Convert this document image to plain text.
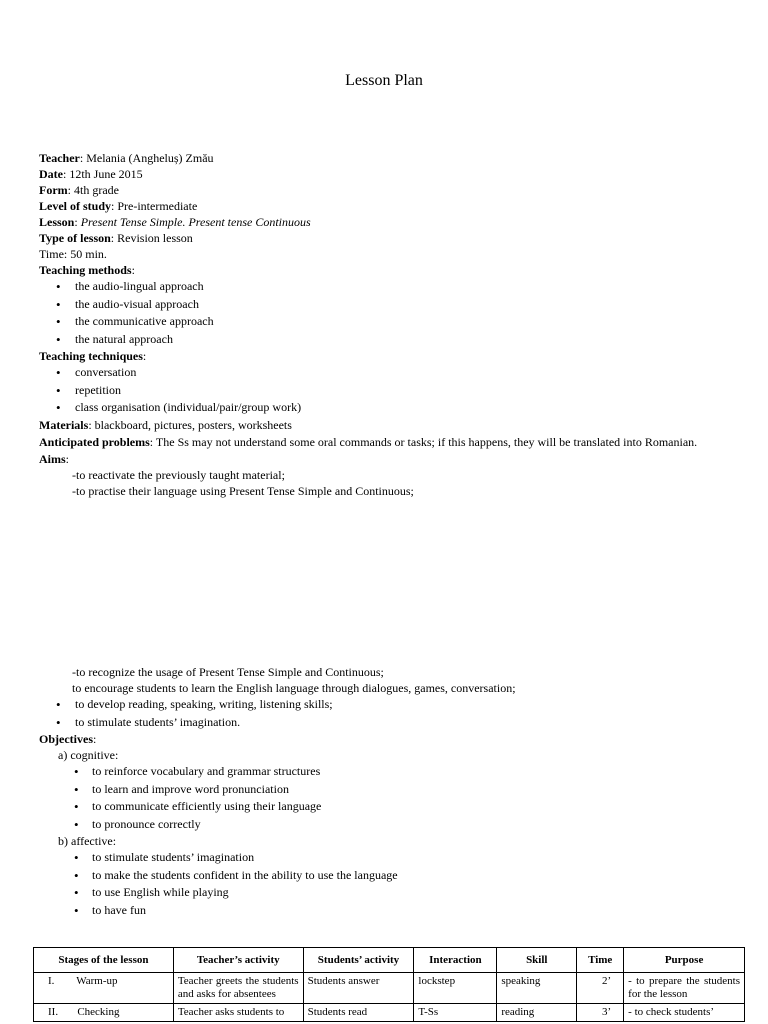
Lesson Plan
Teacher: Melania (Angheluș) Zmău
Date: 12th June 2015
Form: 4th grade
Level of study: Pre-intermediate
Lesson: Present Tense Simple. Present tense Continuous
Type of lesson: Revision lesson
Time: 50 min.
Teaching methods:
• the audio-lingual approach
• the audio-visual approach
• the communicative approach
• the natural approach
Teaching techniques:
• conversation
• repetition
• class organisation (individual/pair/group work)
Materials: blackboard, pictures, posters, worksheets
Anticipated problems: The Ss may not understand some oral commands or tasks; if this happens, they will be translated into Romanian.
Aims:
-to reactivate the previously taught material;
-to practise their language using Present Tense Simple and Continuous;
-to recognize the usage of Present Tense Simple and Continuous;
to encourage students to learn the English language through dialogues, games, conversation;
• to develop reading, speaking, writing, listening skills;
• to stimulate students’ imagination.
Objectives:
a) cognitive:
• to reinforce vocabulary and grammar structures
• to learn and improve word pronunciation
• to communicate efficiently using their language
• to pronounce correctly
b) affective:
• to stimulate students’ imagination
• to make the students confident in the ability to use the language
• to use English while playing
• to have fun
Stages of the lesson	Teacher’s activity	Students’ activity	Interaction	Skill	Time	Purpose
I.        Warm-up	Teacher greets the students and asks for absentees	Students answer	lockstep	speaking	2’	- to prepare the students for the lesson
II.       Checking	Teacher asks students to	Students read	T-Ss	reading	3’	- to check students’
